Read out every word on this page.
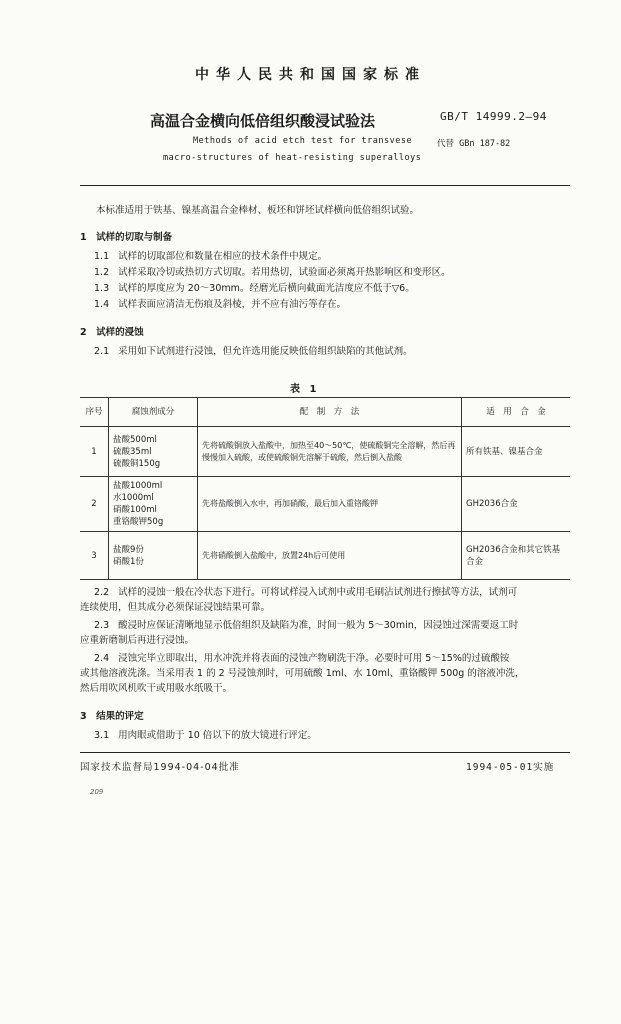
中华人民共和国国家标准
高温合金横向低倍组织酸浸试验法	GB/T 14999.2—94
Methods of acid etch test for transvese
macro-structures of heat-resisting superalloys
代替 GBn 187-82
本标准适用于铁基、镍基高温合金棒材、板坯和饼坯试样横向低倍组织试验。
1　试样的切取与制备
1.1 试样的切取部位和数量在相应的技术条件中规定。
1.2 试样采取冷切或热切方式切取。若用热切，试验面必须离开热影响区和变形区。
1.3 试样的厚度应为 20～30mm。经磨光后横向截面光洁度应不低于▽6。
1.4 试样表面应清洁无伤痕及斜棱，并不应有油污等存在。
2　试样的浸蚀
2.1 采用如下试剂进行浸蚀，但允许选用能反映低倍组织缺陷的其他试剂。
表 1
序号	腐蚀剂成分	配　制　方　法	适　用　合　金
1	盐酸500ml
硫酸35ml
硫酸铜150g	先将硫酸铜放入盐酸中，加热至40～50℃，使硫酸铜完全溶解，然后再慢慢加入硫酸，或使硫酸铜先溶解于硫酸，然后倒入盐酸	所有铁基、镍基合金
2	盐酸1000ml
水1000ml
硝酸100ml
重铬酸钾50g	先将盐酸倒入水中，再加硝酸，最后加入重铬酸钾	GH2036合金
3	盐酸9份
硝酸1份	先将硝酸倒入盐酸中，放置24h后可使用	GH2036合金和其它铁基合金
2.2 试样的浸蚀一般在冷状态下进行。可将试样浸入试剂中或用毛刷沾试剂进行擦拭等方法，试剂可
连续使用，但其成分必须保证浸蚀结果可靠。
2.3 酸浸时应保证清晰地显示低倍组织及缺陷为准，时间一般为 5～30min，因浸蚀过深需要返工时
应重新磨制后再进行浸蚀。
2.4 浸蚀完毕立即取出，用水冲洗并将表面的浸蚀产物刷洗干净。必要时可用 5～15%的过硫酸铵
或其他溶液洗涤。当采用表 1 的 2 号浸蚀剂时，可用硫酸 1ml、水 10ml、重铬酸钾 500g 的溶液冲洗，
然后用吹风机吹干或用吸水纸吸干。
3　结果的评定
3.1 用肉眼或借助于 10 倍以下的放大镜进行评定。
国家技术监督局1994-04-04批准	1994-05-01实施
209
